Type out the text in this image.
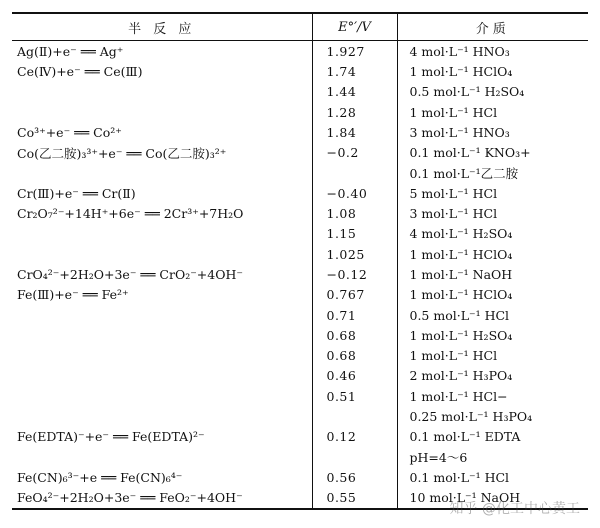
半 反 应	E°′/V	介质
Ag(Ⅱ)+e⁻ ══ Ag⁺	1.927	4 mol·L⁻¹ HNO₃
Ce(Ⅳ)+e⁻ ══ Ce(Ⅲ)	1.74	1 mol·L⁻¹ HClO₄
	1.44	0.5 mol·L⁻¹ H₂SO₄
	1.28	1 mol·L⁻¹ HCl
Co³⁺+e⁻ ══ Co²⁺	1.84	3 mol·L⁻¹ HNO₃
Co(乙二胺)₃³⁺+e⁻ ══ Co(乙二胺)₃²⁺	−0.2	0.1 mol·L⁻¹ KNO₃+
		0.1 mol·L⁻¹乙二胺
Cr(Ⅲ)+e⁻ ══ Cr(Ⅱ)	−0.40	5 mol·L⁻¹ HCl
Cr₂O₇²⁻+14H⁺+6e⁻ ══ 2Cr³⁺+7H₂O	1.08	3 mol·L⁻¹ HCl
	1.15	4 mol·L⁻¹ H₂SO₄
	1.025	1 mol·L⁻¹ HClO₄
CrO₄²⁻+2H₂O+3e⁻ ══ CrO₂⁻+4OH⁻	−0.12	1 mol·L⁻¹ NaOH
Fe(Ⅲ)+e⁻ ══ Fe²⁺	0.767	1 mol·L⁻¹ HClO₄
	0.71	0.5 mol·L⁻¹ HCl
	0.68	1 mol·L⁻¹ H₂SO₄
	0.68	1 mol·L⁻¹ HCl
	0.46	2 mol·L⁻¹ H₃PO₄
	0.51	1 mol·L⁻¹ HCl−
		0.25 mol·L⁻¹ H₃PO₄
Fe(EDTA)⁻+e⁻ ══ Fe(EDTA)²⁻	0.12	0.1 mol·L⁻¹ EDTA
		pH=4～6
Fe(CN)₆³⁻+e ══ Fe(CN)₆⁴⁻	0.56	0.1 mol·L⁻¹ HCl
FeO₄²⁻+2H₂O+3e⁻ ══ FeO₂⁻+4OH⁻	0.55	10 mol·L⁻¹ NaOH
知乎 @化工中心黄工
